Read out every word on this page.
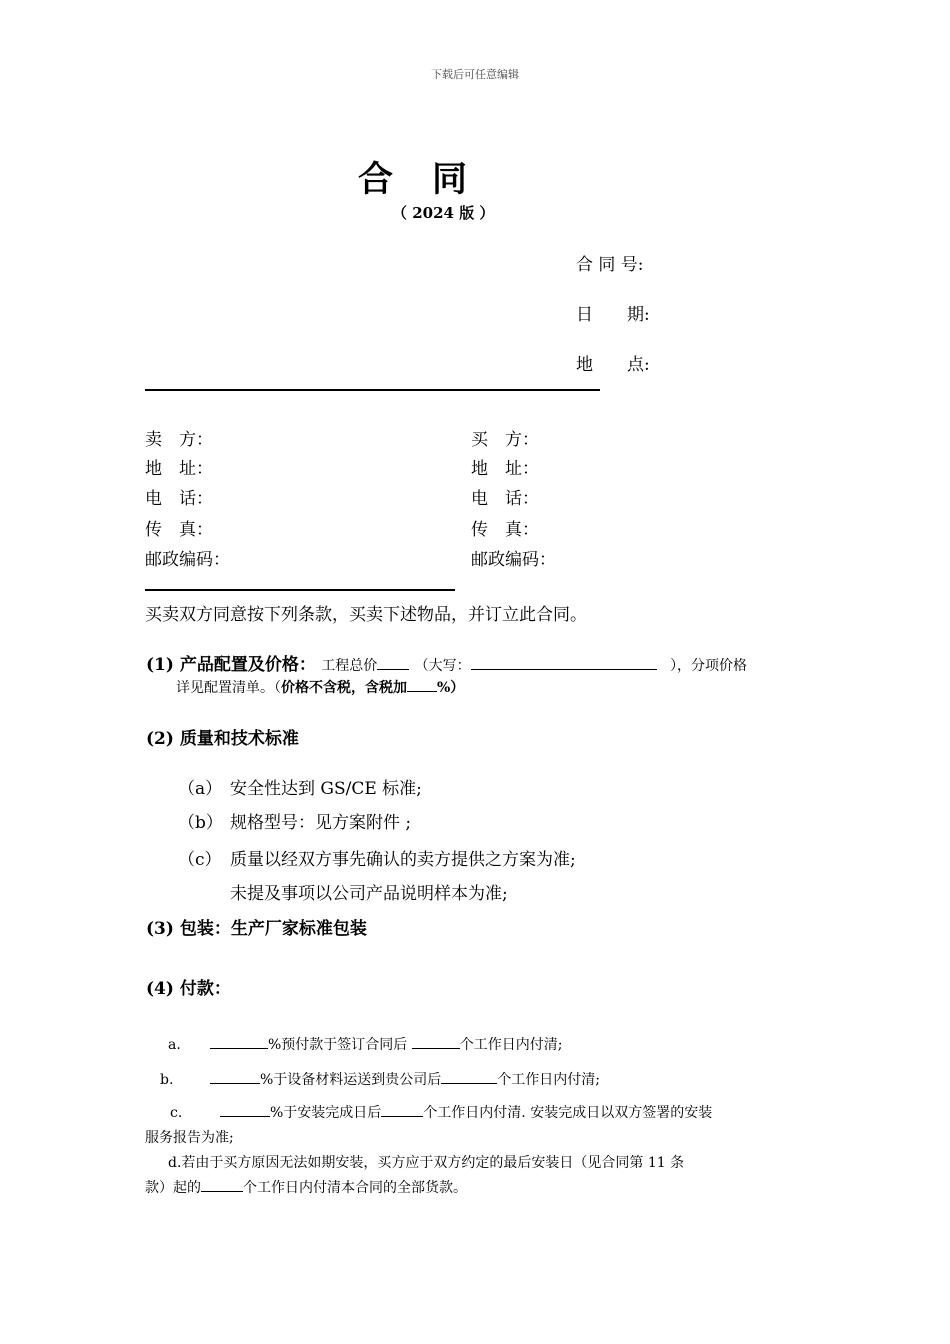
下载后可任意编辑
合　同
（ 2024 版 ）
合 同 号:
日　　期:
地　　点:
卖　方：
地　址：
电　话：
传　真：
邮政编码：
买　方：
地　址：
电　话：
传　真：
邮政编码：
买卖双方同意按下列条款，买卖下述物品，并订立此合同。
(1) 产品配置及价格： 工程总价	（大写：	），分项价格
详见配置清单。（价格不含税，含税加 %）
(2) 质量和技术标准
（a） 安全性达到 GS/CE 标准;
（b） 规格型号：见方案附件 ;
（c） 质量以经双方事先确认的卖方提供之方案为准;
未提及事项以公司产品说明样本为准;
(3) 包装：生产厂家标准包装
(4) 付款：
a.	%预付款于签订合同后	个工作日内付清;
b.	%于设备材料运送到贵公司后	个工作日内付清;
c.	%于安装完成日后	个工作日内付清. 安装完成日以双方签署的安装
服务报告为准;
d.若由于买方原因无法如期安装，买方应于双方约定的最后安装日（见合同第 11 条
款）起的	个工作日内付清本合同的全部货款。
